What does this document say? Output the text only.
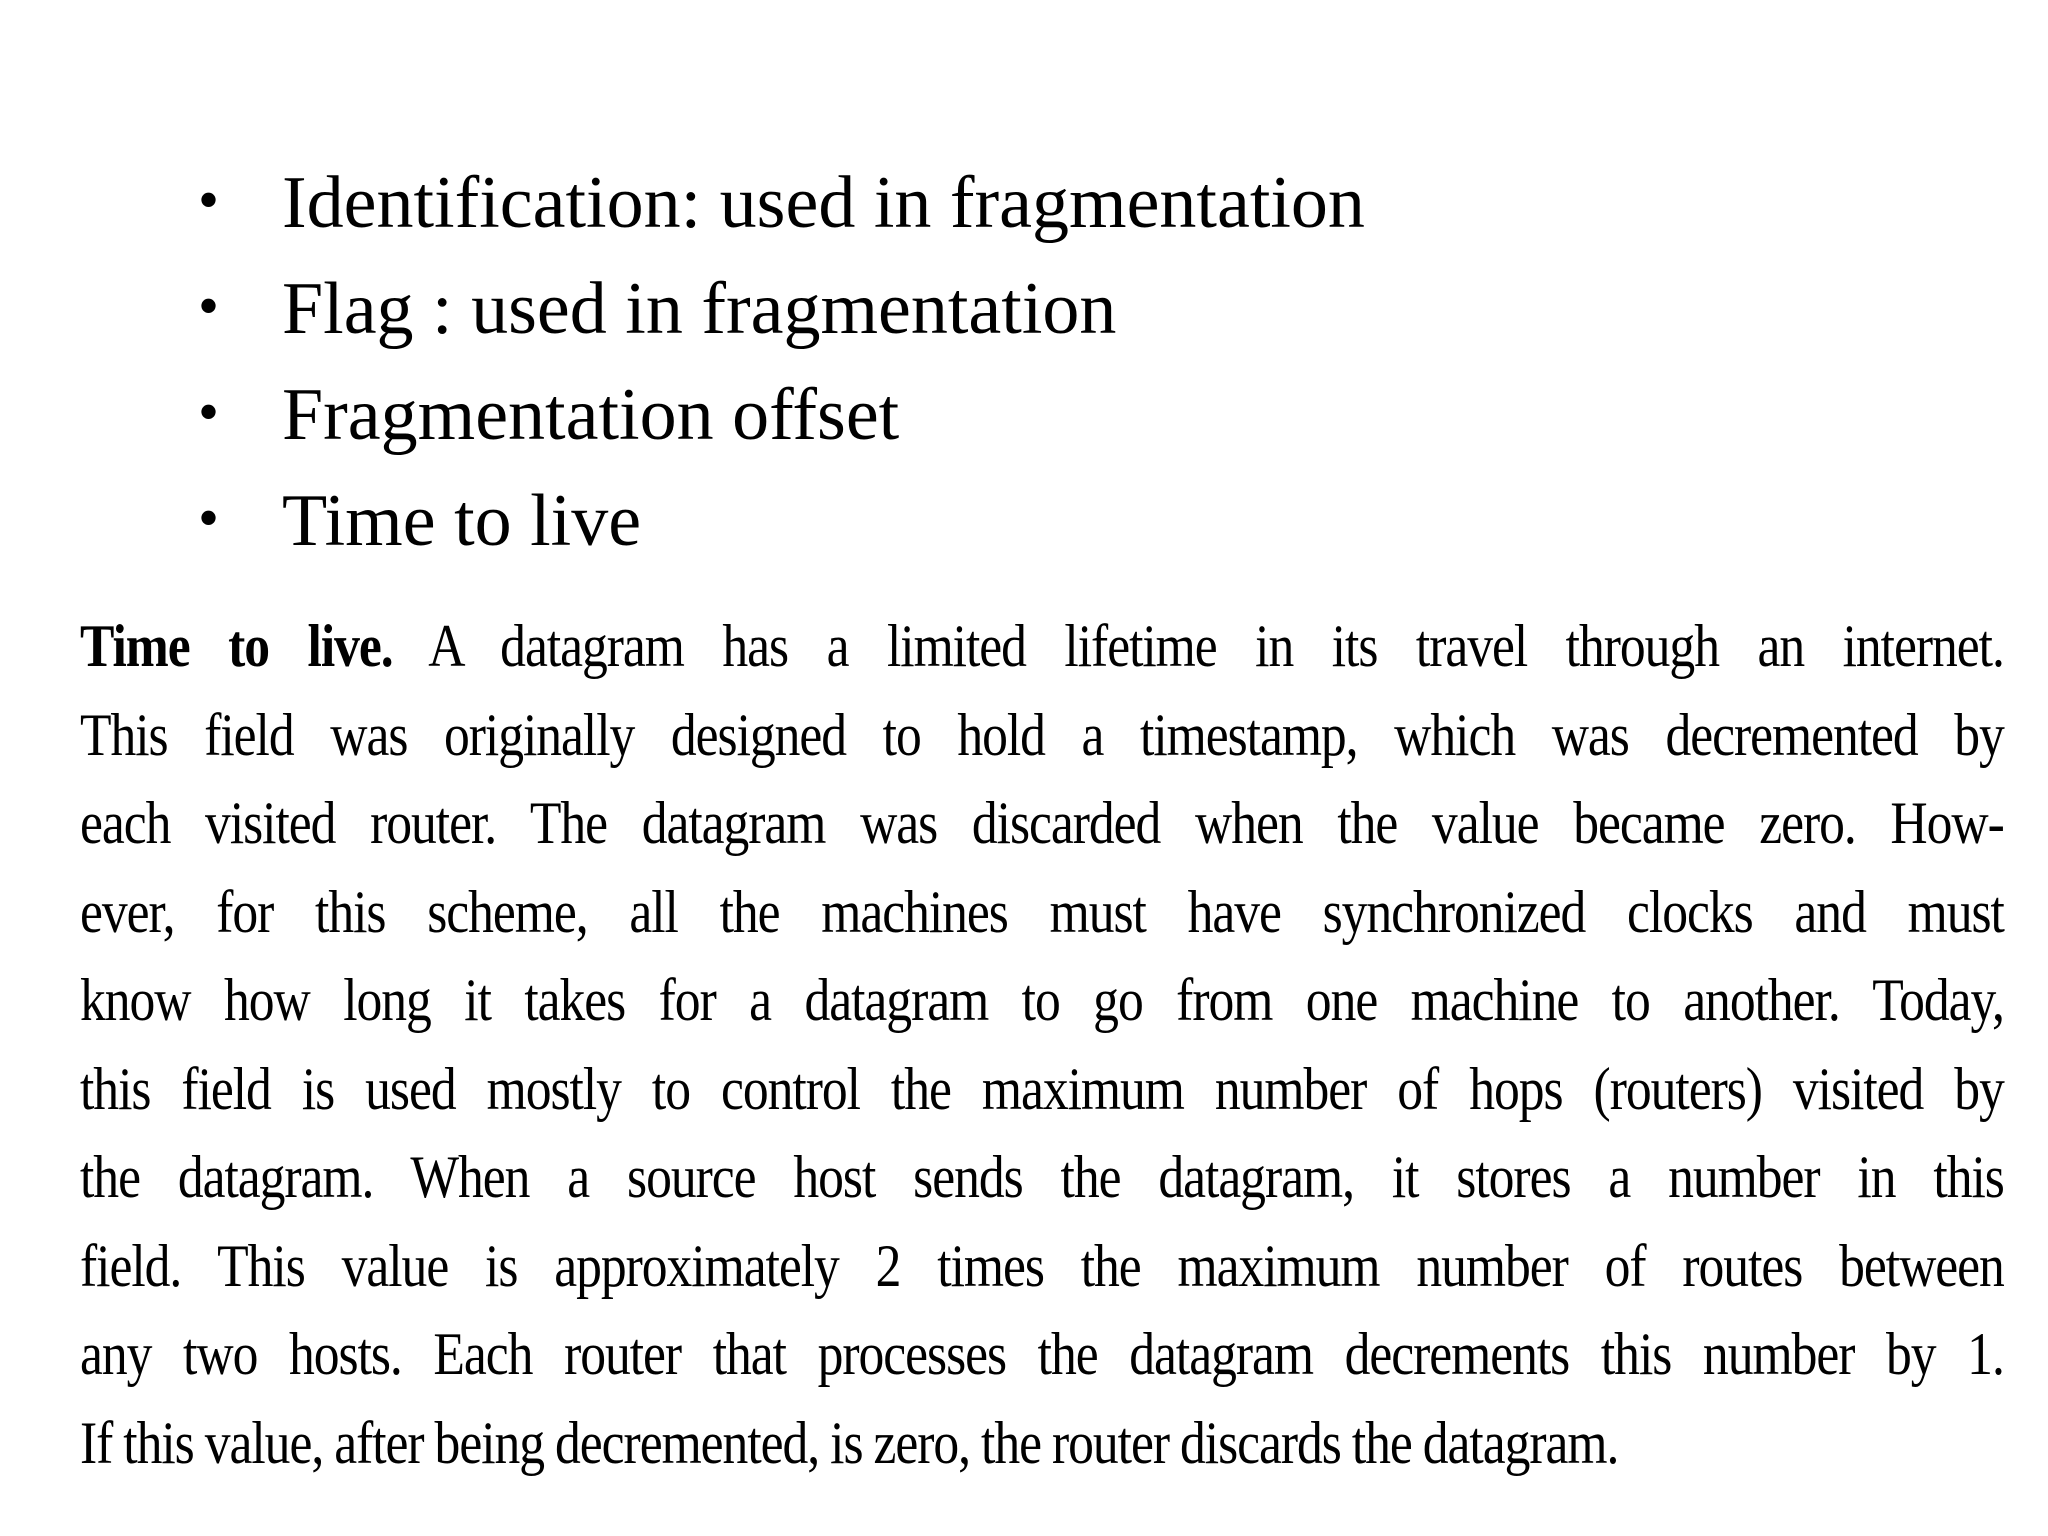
• Identification: used in fragmentation
• Flag : used in fragmentation
• Fragmentation offset
• Time to live
Time to live. A datagram has a limited lifetime in its travel through an internet.
This field was originally designed to hold a timestamp, which was decremented by
each visited router. The datagram was discarded when the value became zero. How-
ever, for this scheme, all the machines must have synchronized clocks and must
know how long it takes for a datagram to go from one machine to another. Today,
this field is used mostly to control the maximum number of hops (routers) visited by
the datagram. When a source host sends the datagram, it stores a number in this
field. This value is approximately 2 times the maximum number of routes between
any two hosts. Each router that processes the datagram decrements this number by 1.
If this value, after being decremented, is zero, the router discards the datagram.
